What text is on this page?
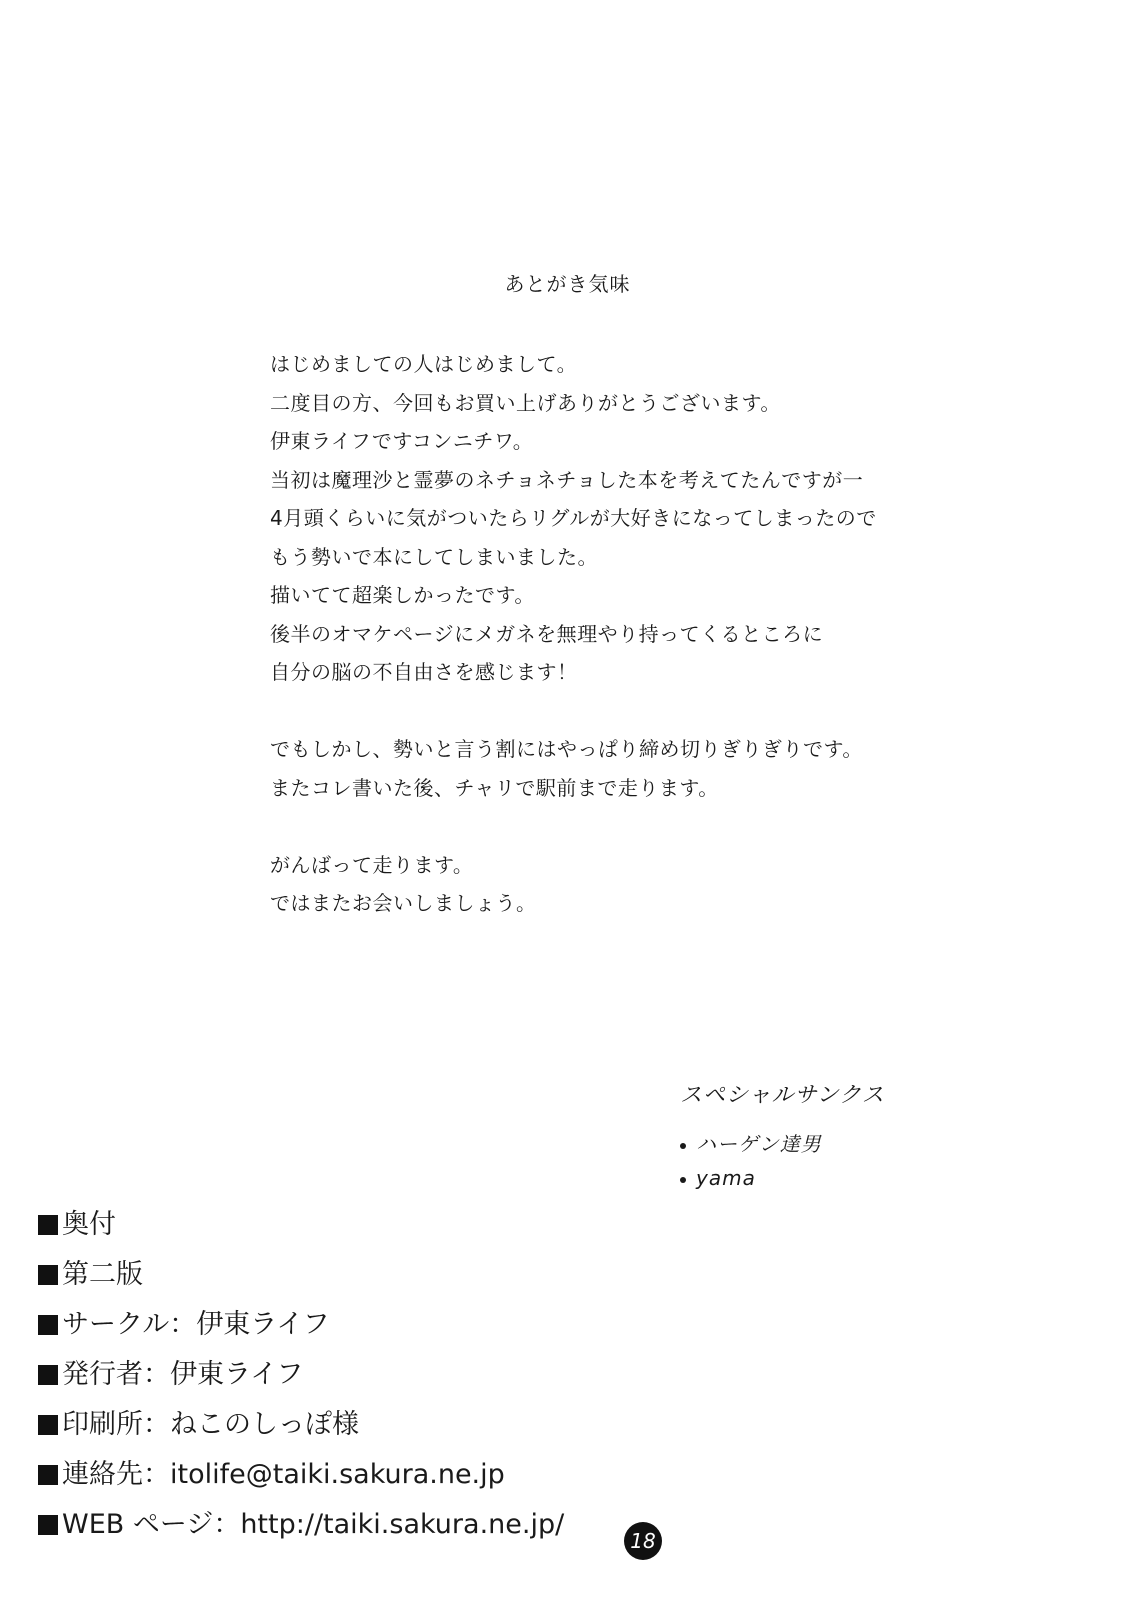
あとがき気味
はじめましての人はじめまして。
二度目の方、今回もお買い上げありがとうございます。
伊東ライフですコンニチワ。
当初は魔理沙と霊夢のネチョネチョした本を考えてたんですが一
4月頭くらいに気がついたらリグルが大好きになってしまったので
もう勢いで本にしてしまいました。
描いてて超楽しかったです。
後半のオマケページにメガネを無理やり持ってくるところに
自分の脳の不自由さを感じます！
でもしかし、勢いと言う割にはやっぱり締め切りぎりぎりです。
またコレ書いた後、チャリで駅前まで走ります。
がんばって走ります。
ではまたお会いしましょう。
スペシャルサンクス
ハーゲン達男
yama
奥付
第二版
サークル：伊東ライフ
発行者：伊東ライフ
印刷所：ねこのしっぽ様
連絡先：itolife@taiki.sakura.ne.jp
WEB ページ：http://taiki.sakura.ne.jp/
18
